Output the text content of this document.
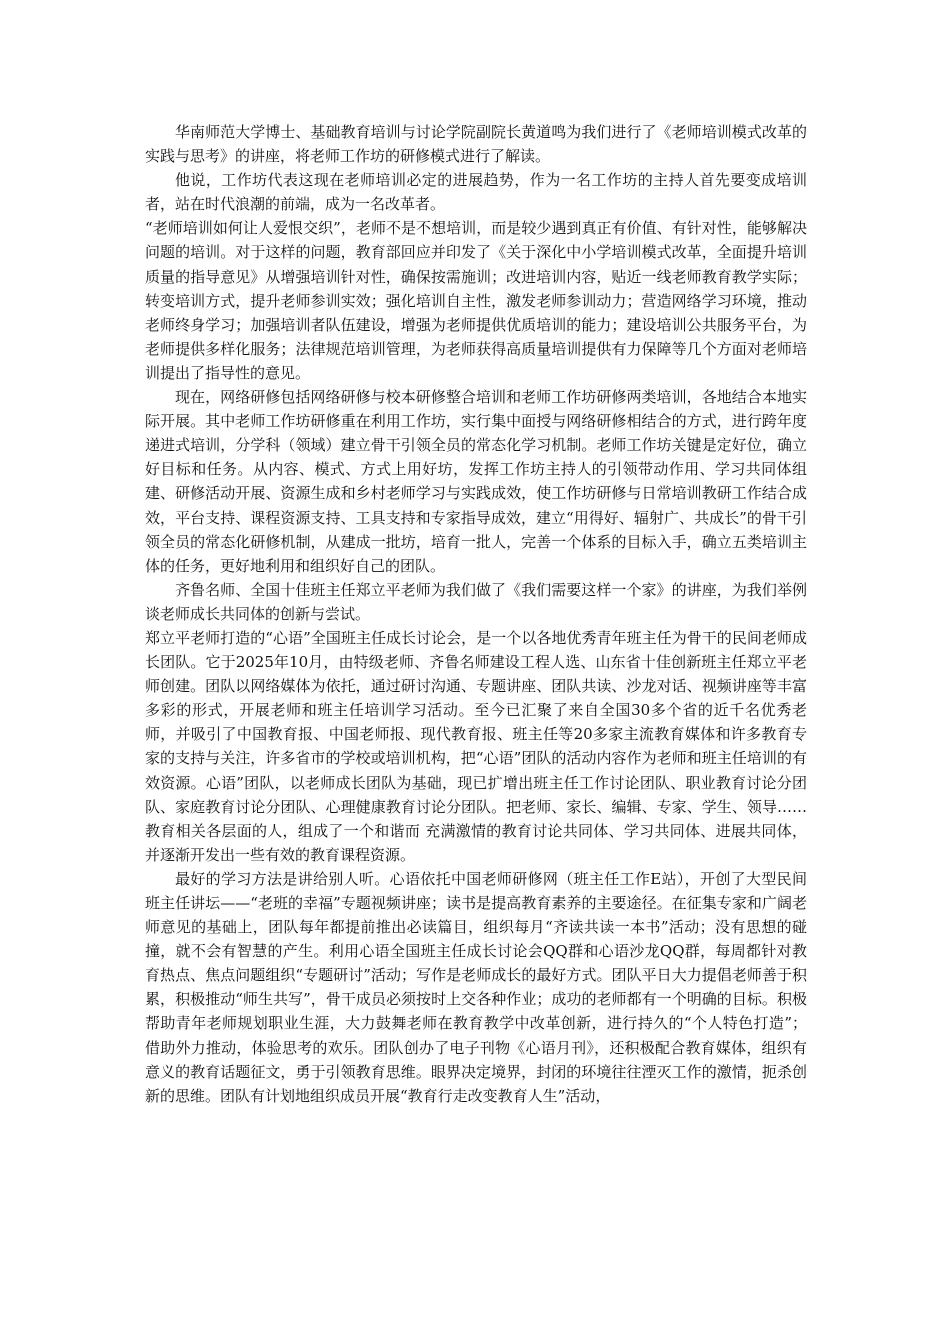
华南师范大学博士、基础教育培训与讨论学院副院长黄道鸣为我们进行了《老师培训模式改革的实践与思考》的讲座，将老师工作坊的研修模式进行了解读。

他说，工作坊代表这现在老师培训必定的进展趋势，作为一名工作坊的主持人首先要变成培训者，站在时代浪潮的前端，成为一名改革者。

“老师培训如何让人爱恨交织”，老师不是不想培训，而是较少遇到真正有价值、有针对性，能够解决问题的培训。对于这样的问题，教育部回应并印发了《关于深化中小学培训模式改革，全面提升培训质量的指导意见》从增强培训针对性，确保按需施训；改进培训内容，贴近一线老师教育教学实际；转变培训方式，提升老师参训实效；强化培训自主性，激发老师参训动力；营造网络学习环境，推动老师终身学习；加强培训者队伍建设，增强为老师提供优质培训的能力；建设培训公共服务平台，为老师提供多样化服务；法律规范培训管理，为老师获得高质量培训提供有力保障等几个方面对老师培训提出了指导性的意见。

现在，网络研修包括网络研修与校本研修整合培训和老师工作坊研修两类培训，各地结合本地实际开展。其中老师工作坊研修重在利用工作坊，实行集中面授与网络研修相结合的方式，进行跨年度递进式培训，分学科（领域）建立骨干引领全员的常态化学习机制。老师工作坊关键是定好位，确立好目标和任务。从内容、模式、方式上用好坊，发挥工作坊主持人的引领带动作用、学习共同体组建、研修活动开展、资源生成和乡村老师学习与实践成效，使工作坊研修与日常培训教研工作结合成效，平台支持、课程资源支持、工具支持和专家指导成效，建立“用得好、辐射广、共成长”的骨干引领全员的常态化研修机制，从建成一批坊，培育一批人，完善一个体系的目标入手，确立五类培训主体的任务，更好地利用和组织好自己的团队。

齐鲁名师、全国十佳班主任郑立平老师为我们做了《我们需要这样一个家》的讲座，为我们举例谈老师成长共同体的创新与尝试。

郑立平老师打造的“心语”全国班主任成长讨论会，是一个以各地优秀青年班主任为骨干的民间老师成长团队。它于2025年10月，由特级老师、齐鲁名师建设工程人选、山东省十佳创新班主任郑立平老师创建。团队以网络媒体为依托，通过研讨沟通、专题讲座、团队共读、沙龙对话、视频讲座等丰富多彩的形式，开展老师和班主任培训学习活动。至今已汇聚了来自全国30多个省的近千名优秀老师，并吸引了中国教育报、中国老师报、现代教育报、班主任等20多家主流教育媒体和许多教育专家的支持与关注，许多省市的学校或培训机构，把“心语”团队的活动内容作为老师和班主任培训的有效资源。心语”团队，以老师成长团队为基础，现已扩增出班主任工作讨论团队、职业教育讨论分团队、家庭教育讨论分团队、心理健康教育讨论分团队。把老师、家长、编辑、专家、学生、领导……教育相关各层面的人，组成了一个和谐而 充满激情的教育讨论共同体、学习共同体、进展共同体，并逐渐开发出一些有效的教育课程资源。

最好的学习方法是讲给别人听。心语依托中国老师研修网（班主任工作E站），开创了大型民间班主任讲坛——“老班的幸福”专题视频讲座；读书是提高教育素养的主要途径。在征集专家和广阔老师意见的基础上，团队每年都提前推出必读篇目，组织每月“齐读共读一本书”活动；没有思想的碰撞，就不会有智慧的产生。利用心语全国班主任成长讨论会QQ群和心语沙龙QQ群，每周都针对教育热点、焦点问题组织“专题研讨”活动；写作是老师成长的最好方式。团队平日大力提倡老师善于积累，积极推动“师生共写”，骨干成员必须按时上交各种作业；成功的老师都有一个明确的目标。积极帮助青年老师规划职业生涯，大力鼓舞老师在教育教学中改革创新，进行持久的“个人特色打造”； 借助外力推动，体验思考的欢乐。团队创办了电子刊物《心语月刊》，还积极配合教育媒体，组织有意义的教育话题征文，勇于引领教育思维。眼界决定境界，封闭的环境往往湮灭工作的激情，扼杀创新的思维。团队有计划地组织成员开展“教育行走改变教育人生”活动，
